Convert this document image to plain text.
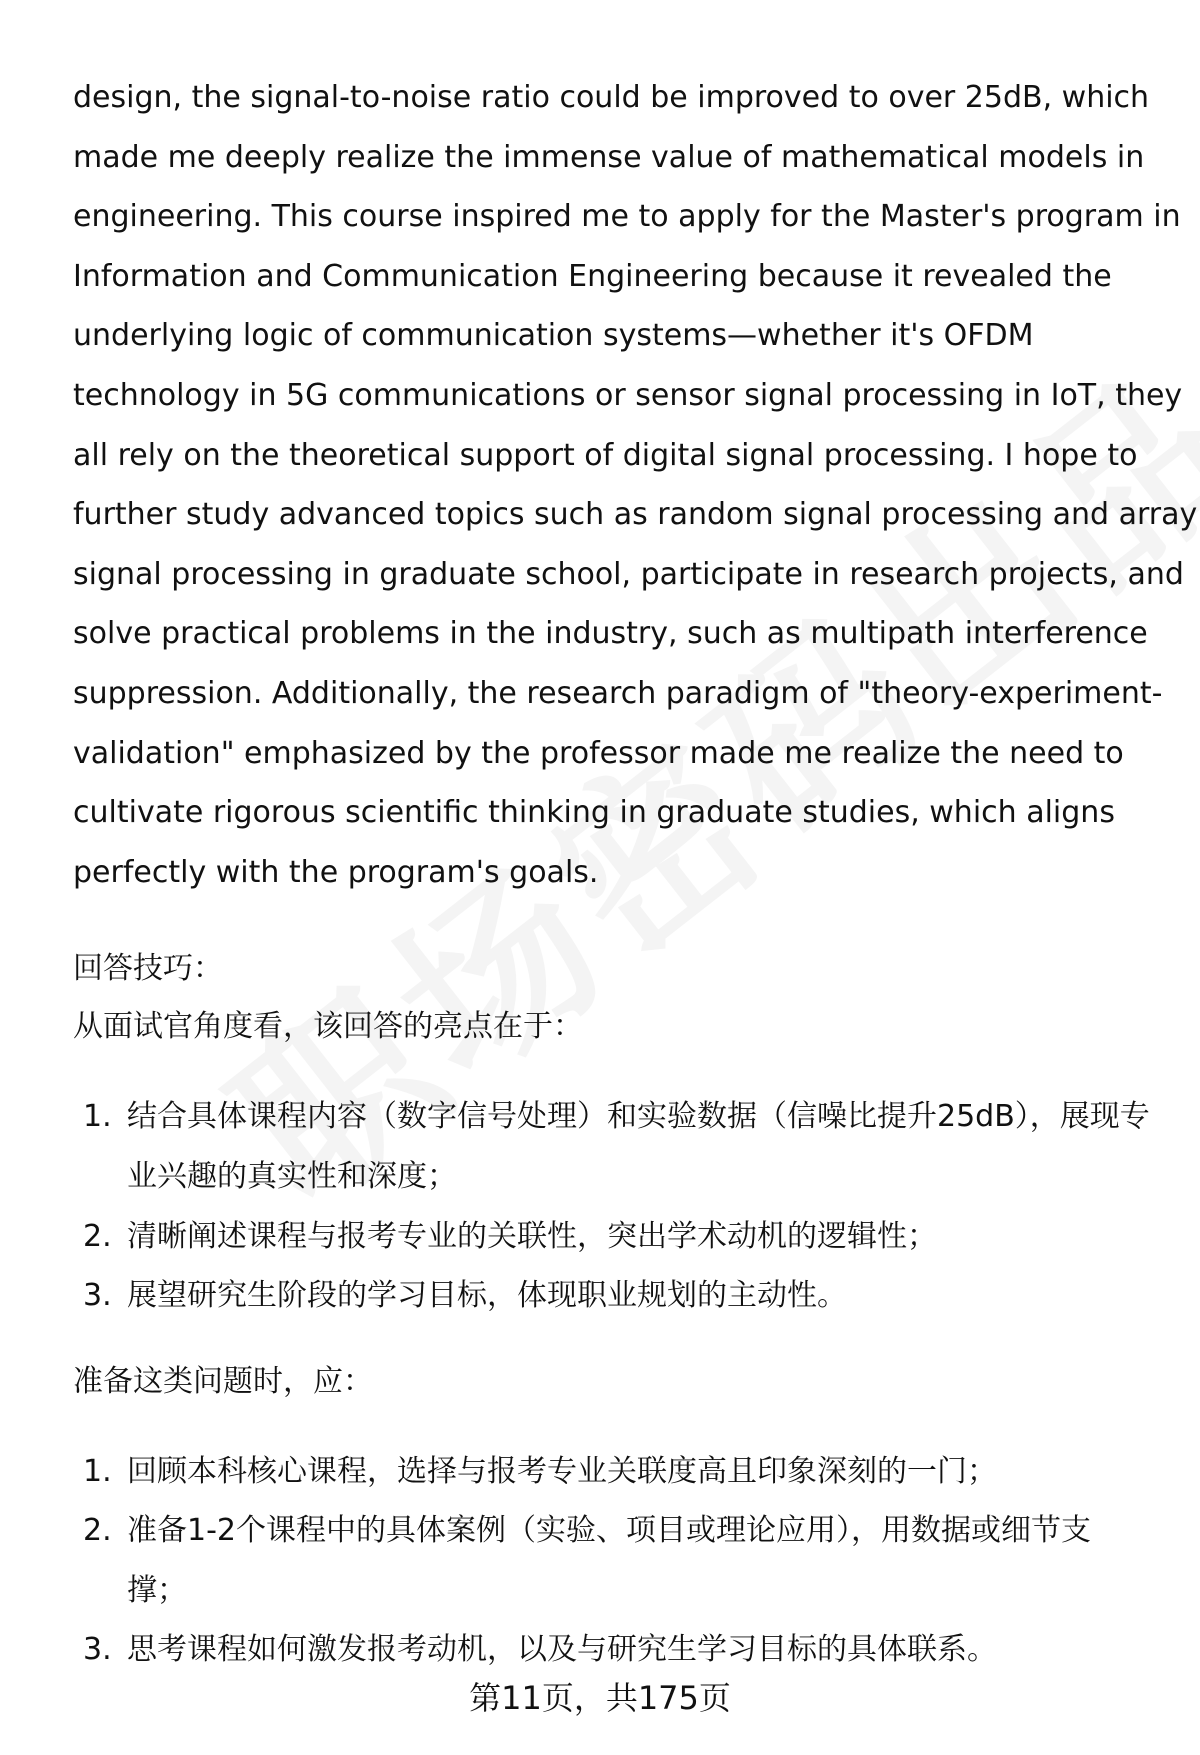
design, the signal-to-noise ratio could be improved to over 25dB, which
made me deeply realize the immense value of mathematical models in
engineering. This course inspired me to apply for the Master's program in
Information and Communication Engineering because it revealed the
underlying logic of communication systems—whether it's OFDM
technology in 5G communications or sensor signal processing in IoT, they
all rely on the theoretical support of digital signal processing. I hope to
further study advanced topics such as random signal processing and array
signal processing in graduate school, participate in research projects, and
solve practical problems in the industry, such as multipath interference
suppression. Additionally, the research paradigm of "theory-experiment-
validation" emphasized by the professor made me realize the need to
cultivate rigorous scientific thinking in graduate studies, which aligns
perfectly with the program's goals.

回答技巧：

从面试官角度看，该回答的亮点在于：

1. 结合具体课程内容（数字信号处理）和实验数据（信噪比提升25dB），展现专
业兴趣的真实性和深度；
2. 清晰阐述课程与报考专业的关联性，突出学术动机的逻辑性；
3. 展望研究生阶段的学习目标，体现职业规划的主动性。

准备这类问题时，应：

1. 回顾本科核心课程，选择与报考专业关联度高且印象深刻的一门；
2. 准备1-2个课程中的具体案例（实验、项目或理论应用），用数据或细节支
撑；
3. 思考课程如何激发报考动机，以及与研究生学习目标的具体联系。
第11页，共175页
